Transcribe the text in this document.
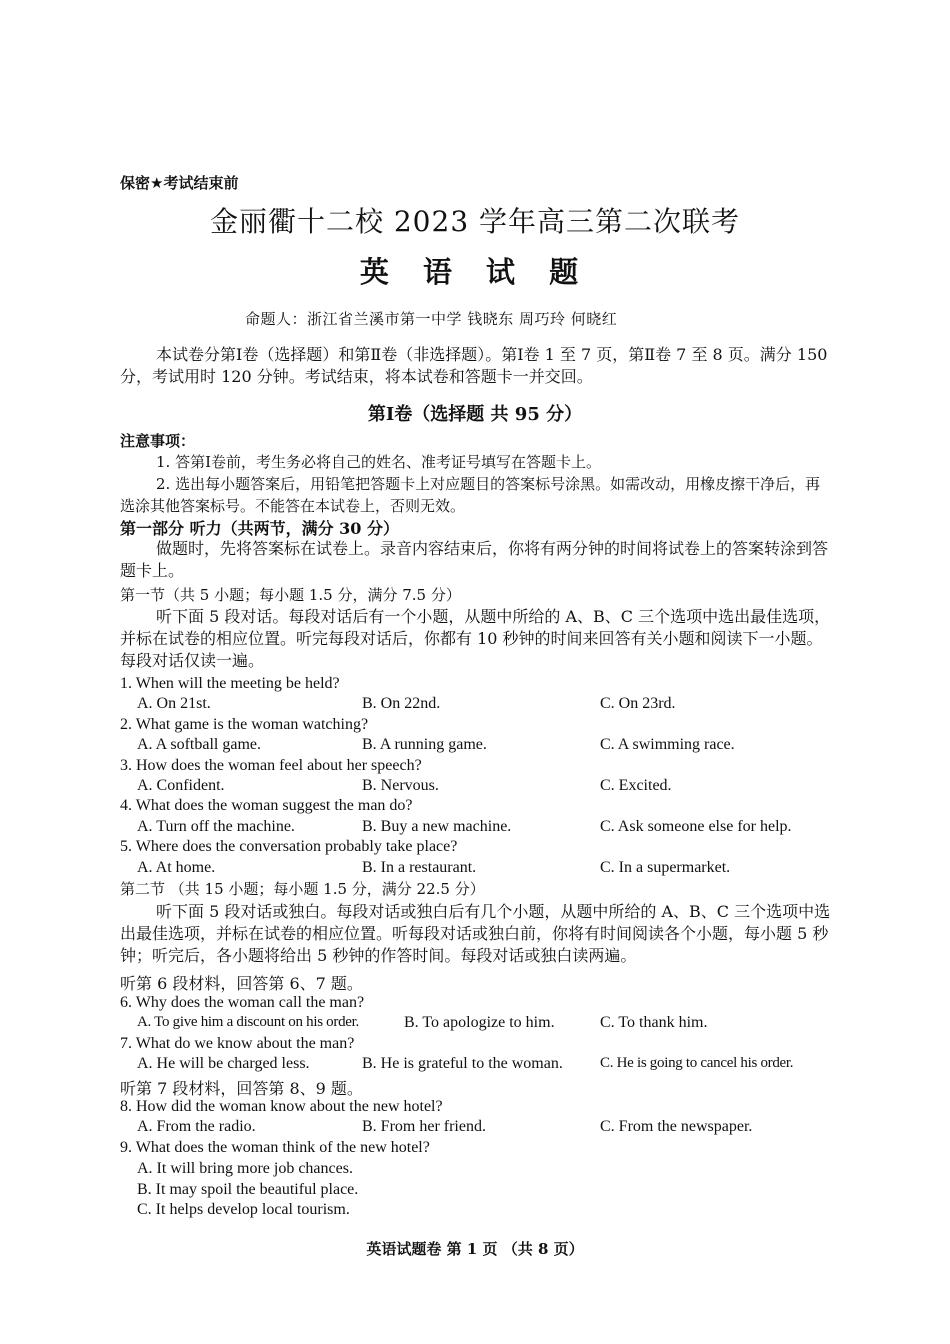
保密★考试结束前
金丽衢十二校 2023 学年高三第二次联考
英 语 试 题
命题人：浙江省兰溪市第一中学 钱晓东 周巧玲 何晓红
本试卷分第Ⅰ卷（选择题）和第Ⅱ卷（非选择题）。第Ⅰ卷 1 至 7 页，第Ⅱ卷 7 至 8 页。满分 150 分，考试用时 120 分钟。考试结束，将本试卷和答题卡一并交回。
第Ⅰ卷（选择题 共 95 分）
注意事项：
1. 答第Ⅰ卷前，考生务必将自己的姓名、准考证号填写在答题卡上。
2. 选出每小题答案后，用铅笔把答题卡上对应题目的答案标号涂黑。如需改动，用橡皮擦干净后，再选涂其他答案标号。不能答在本试卷上，否则无效。
第一部分 听力（共两节，满分 30 分）
做题时，先将答案标在试卷上。录音内容结束后，你将有两分钟的时间将试卷上的答案转涂到答题卡上。
第一节（共 5 小题；每小题 1.5 分，满分 7.5 分）
听下面 5 段对话。每段对话后有一个小题，从题中所给的 A、B、C 三个选项中选出最佳选项，并标在试卷的相应位置。听完每段对话后，你都有 10 秒钟的时间来回答有关小题和阅读下一小题。每段对话仅读一遍。
1. When will the meeting be held?
A. On 21st.	B. On 22nd.	C. On 23rd.
2. What game is the woman watching?
A. A softball game.	B. A running game.	C. A swimming race.
3. How does the woman feel about her speech?
A. Confident.	B. Nervous.	C. Excited.
4. What does the woman suggest the man do?
A. Turn off the machine.	B. Buy a new machine.	C. Ask someone else for help.
5. Where does the conversation probably take place?
A. At home.	B. In a restaurant.	C. In a supermarket.
第二节 （共 15 小题；每小题 1.5 分，满分 22.5 分）
听下面 5 段对话或独白。每段对话或独白后有几个小题，从题中所给的 A、B、C 三个选项中选出最佳选项，并标在试卷的相应位置。听每段对话或独白前，你将有时间阅读各个小题，每小题 5 秒钟；听完后，各小题将给出 5 秒钟的作答时间。每段对话或独白读两遍。
听第 6 段材料，回答第 6、7 题。
6. Why does the woman call the man?
A. To give him a discount on his order.	B. To apologize to him.	C. To thank him.
7. What do we know about the man?
A. He will be charged less.	B. He is grateful to the woman. C. He is going to cancel his order.
听第 7 段材料，回答第 8、9 题。
8. How did the woman know about the new hotel?
A. From the radio.	B. From her friend.	C. From the newspaper.
9. What does the woman think of the new hotel?
A. It will bring more job chances.
B. It may spoil the beautiful place.
C. It helps develop local tourism.
英语试题卷 第 1 页 （共 8 页）
